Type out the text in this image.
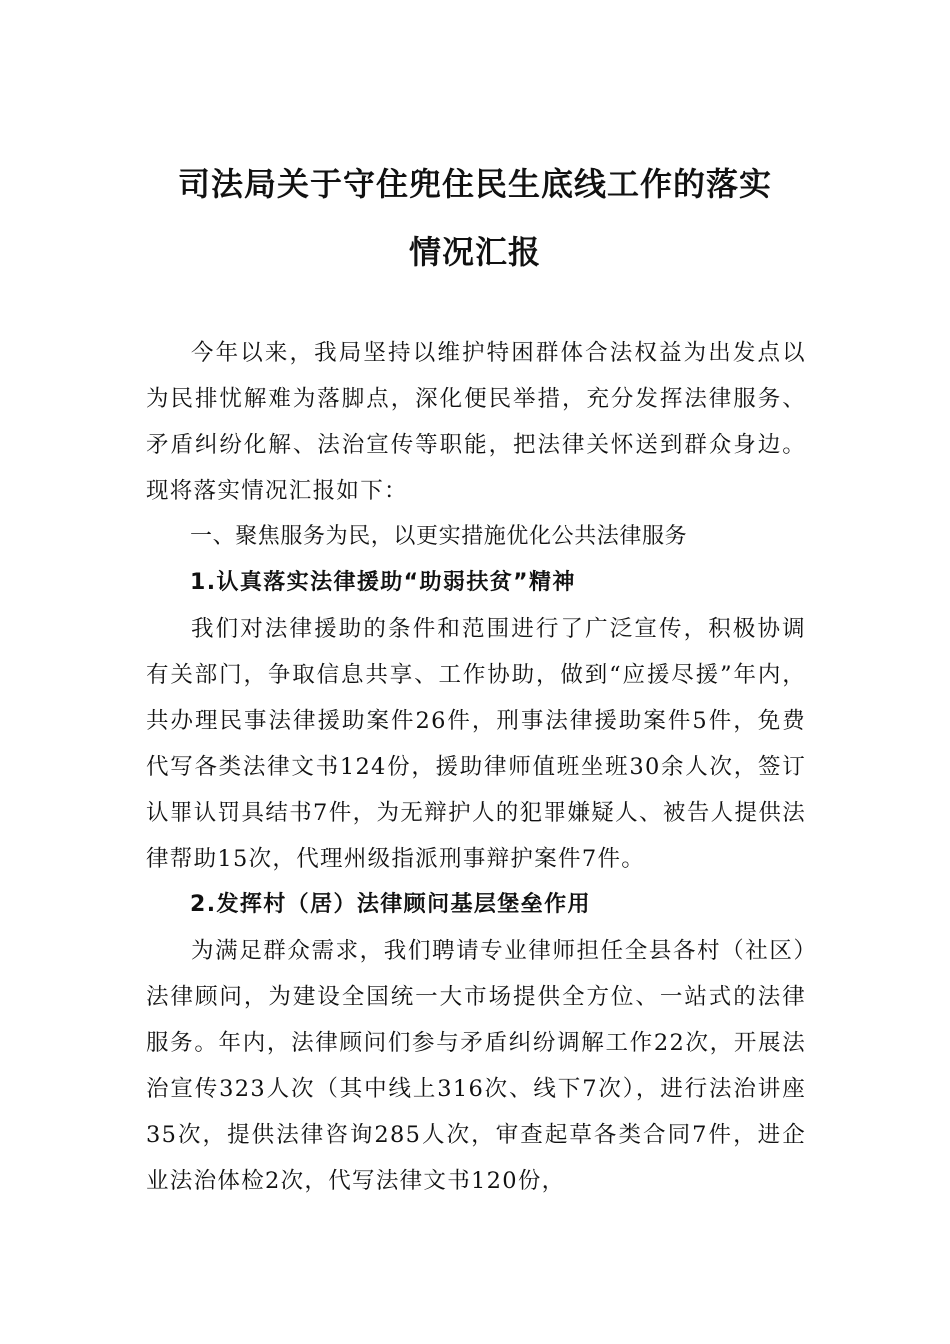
司法局关于守住兜住民生底线工作的落实
情况汇报

今年以来，我局坚持以维护特困群体合法权益为出发点以为民排忧解难为落脚点，深化便民举措，充分发挥法律服务、矛盾纠纷化解、法治宣传等职能，把法律关怀送到群众身边。现将落实情况汇报如下：

一、聚焦服务为民，以更实措施优化公共法律服务

1.认真落实法律援助“助弱扶贫”精神

我们对法律援助的条件和范围进行了广泛宣传，积极协调有关部门，争取信息共享、工作协助，做到“应援尽援”年内，共办理民事法律援助案件26件，刑事法律援助案件5件，免费代写各类法律文书124份，援助律师值班坐班30余人次，签订认罪认罚具结书7件，为无辩护人的犯罪嫌疑人、被告人提供法律帮助15次，代理州级指派刑事辩护案件7件。

2.发挥村（居）法律顾问基层堡垒作用

为满足群众需求，我们聘请专业律师担任全县各村（社区）法律顾问，为建设全国统一大市场提供全方位、一站式的法律服务。年内，法律顾问们参与矛盾纠纷调解工作22次，开展法治宣传323人次（其中线上316次、线下7次），进行法治讲座35次，提供法律咨询285人次，审查起草各类合同7件，进企业法治体检2次，代写法律文书120份，
